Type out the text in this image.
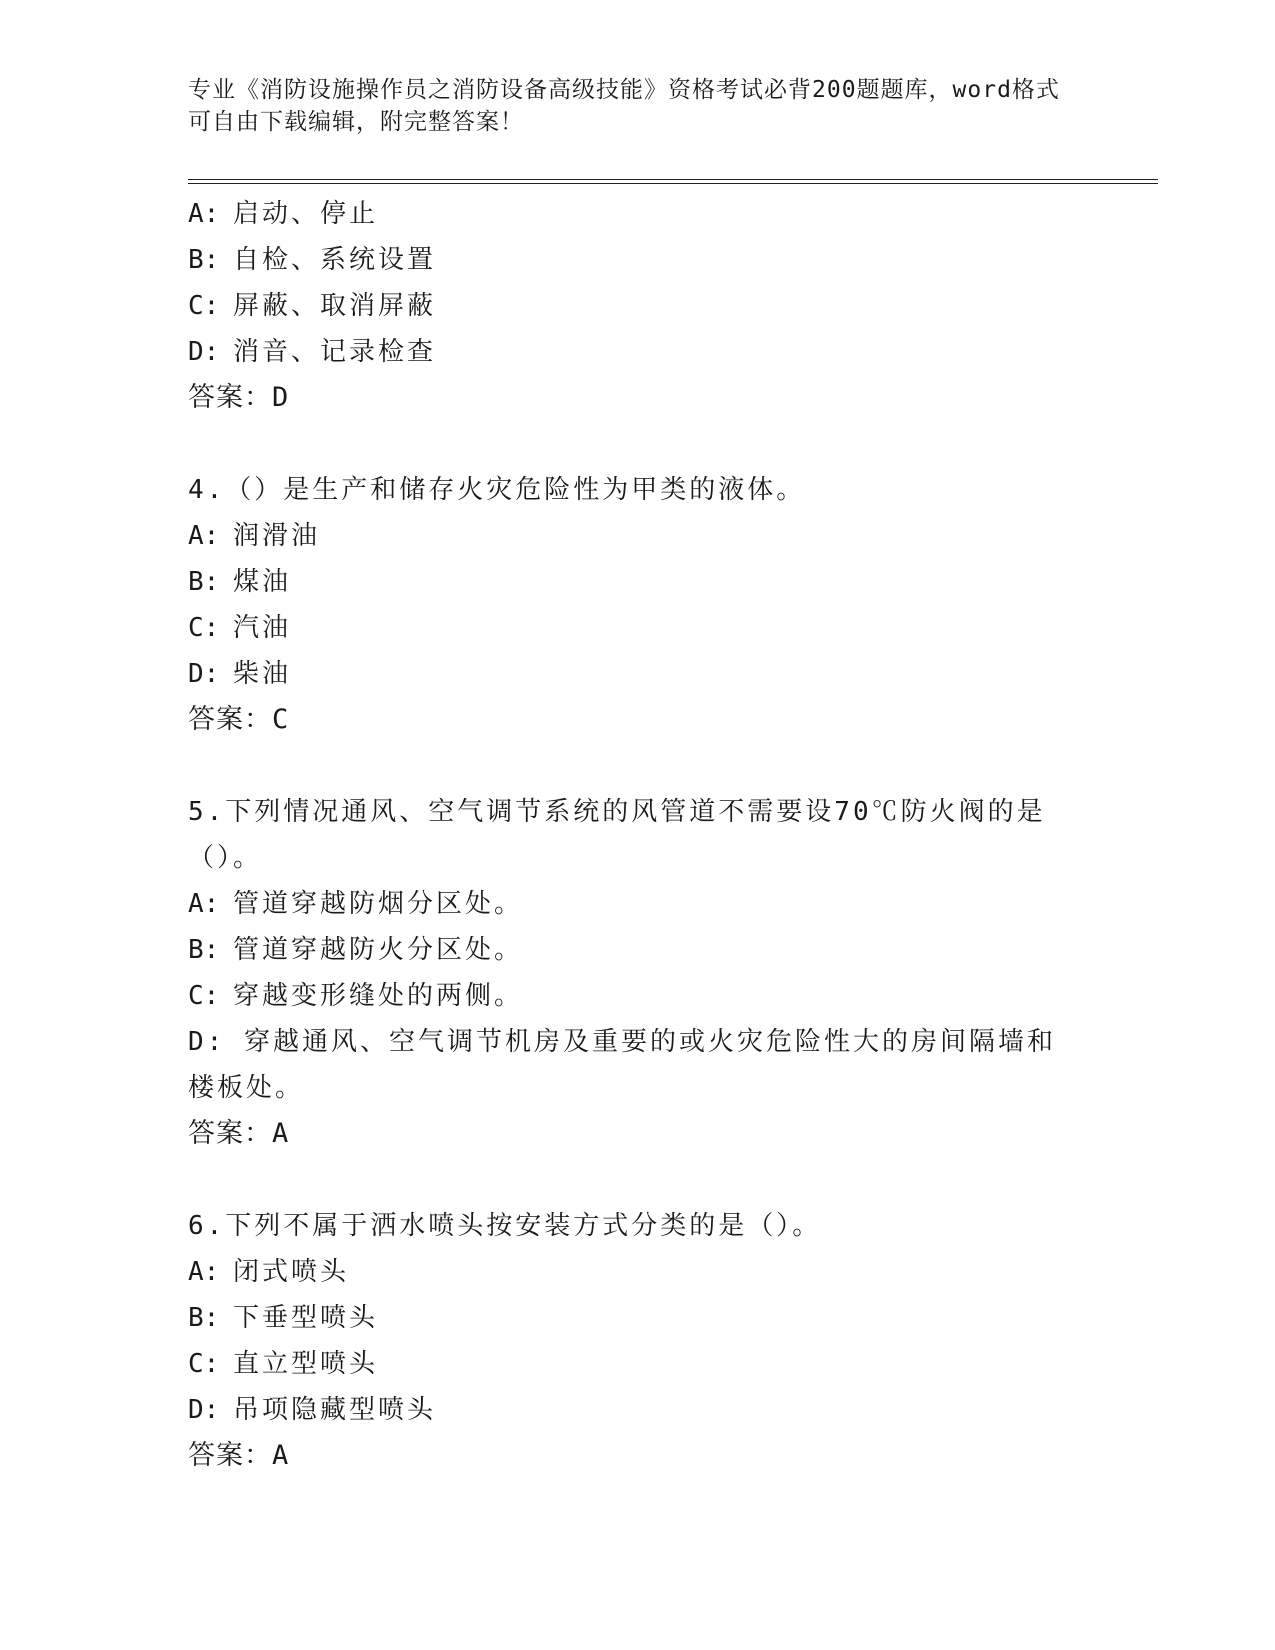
专业《消防设施操作员之消防设备高级技能》资格考试必背200题题库，word格式可自由下载编辑，附完整答案！
A: 启动、停止
B: 自检、系统设置
C: 屏蔽、取消屏蔽
D: 消音、记录检查
答案：D
4.（）是生产和储存火灾危险性为甲类的液体。
A: 润滑油
B: 煤油
C: 汽油
D: 柴油
答案：C
5.下列情况通风、空气调节系统的风管道不需要设70℃防火阀的是（）。
A: 管道穿越防烟分区处。
B: 管道穿越防火分区处。
C: 穿越变形缝处的两侧。
D: 穿越通风、空气调节机房及重要的或火灾危险性大的房间隔墙和楼板处。
答案：A
6.下列不属于洒水喷头按安装方式分类的是（）。
A: 闭式喷头
B: 下垂型喷头
C: 直立型喷头
D: 吊项隐藏型喷头
答案：A
